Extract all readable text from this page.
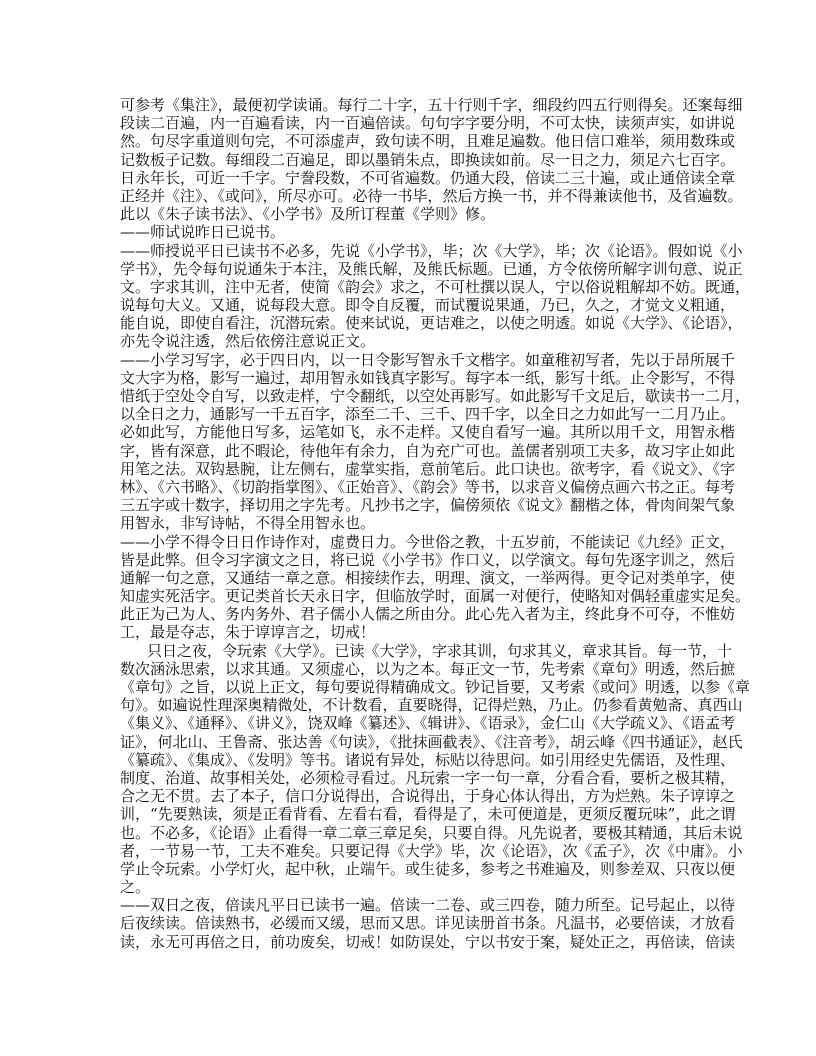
可参考《集注》，最便初学读诵。每行二十字，五十行则千字，细段约四五行则得矣。还案每细
段读二百遍，内一百遍看读，内一百遍倍读。句句字字要分明，不可太快，读须声实，如讲说
然。句尽字重道则句完，不可添虚声，致句读不明，且难足遍数。他日信口难举，须用数珠或
记数板子记数。每细段二百遍足，即以墨销朱点，即换读如前。尽一日之力，须足六七百字。
日永年长，可近一千字。宁誊段数，不可省遍数。仍通大段，倍读二三十遍，或止通倍读全章
正经并《注》、《或问》，所尽亦可。必待一书毕，然后方换一书，并不得兼读他书，及省遍数。
此以《朱子读书法》、《小学书》及所订程董《学则》修。
——师试说昨日已说书。
——师授说平日已读书不必多，先说《小学书》，毕；次《大学》，毕；次《论语》。假如说《小
学书》，先令每句说通朱于本注，及熊氏解，及熊氏标题。已通，方令依傍所解字训句意、说正
文。字求其训，注中无者，使简《韵会》求之，不可杜撰以误人，宁以俗说粗解却不妨。既通，
说每句大义。又通，说每段大意。即令自反覆，而试覆说果通，乃已，久之，才觉文义粗通，
能自说，即使自看注，沉潜玩索。使来试说，更诘难之，以使之明透。如说《大学》、《论语》，
亦先令说注透，然后依傍注意说正文。
——小学习写字，必于四日内，以一日令影写智永千文楷字。如童稚初写者，先以于昂所展千
文大字为格，影写一遍过，却用智永如钱真字影写。每字本一纸，影写十纸。止令影写，不得
惜纸于空处令自写，以致走样，宁令翻纸，以空处再影写。如此影写千文足后，歇读书一二月，
以全日之力，通影写一千五百字，添至二千、三千、四千字，以全日之力如此写一二月乃止。
必如此写，方能他日写多，运笔如飞，永不走样。又使自看写一遍。其所以用千文，用智永楷
字，皆有深意，此不暇论，待他年有余力，自为充广可也。盖儒者别项工夫多，故习字止如此
用笔之法。双钩悬腕，让左侧右，虚掌实指，意前笔后。此口诀也。欲考字，看《说文》、《字
林》、《六书略》、《切韵指掌图》、《正始音》、《韵会》等书，以求音义偏傍点画六书之正。每考
三五字或十数字，择切用之字先考。凡抄书之字，偏傍须依《说文》翻楷之体，骨肉间架气象
用智永，非写诗帖，不得全用智永也。
——小学不得令日日作诗作对，虚费日力。今世俗之教，十五岁前，不能读记《九经》正文，
皆是此弊。但令习字演文之日，将已说《小学书》作口义，以学演文。每句先逐字训之，然后
通解一句之意，又通结一章之意。相接续作去，明理、演文，一举两得。更令记对类单字，使
知虚实死活字。更记类首长天永日字，但临放学时，面属一对便行，使略知对偶轻重虚实足矣。
此正为己为人、务内务外、君子儒小人儒之所由分。此心先入者为主，终此身不可夺，不惟妨
工，最是夺志，朱于谆谆言之，切戒！
只日之夜，令玩索《大学》。已读《大学》，字求其训，句求其义，章求其旨。每一节，十
数次涵泳思索，以求其通。又须虚心，以为之本。每正文一节，先考索《章句》明透，然后摭
《章句》之旨，以说上正文，每句要说得精确成文。钞记旨要，又考索《或问》明透，以参《章
句》。如遍说性理深奥精微处，不计数看，直要晓得，记得烂熟，乃止。仍参看黄勉斋、真西山
《集义》、《通释》、《讲义》，饶双峰《纂述》、《辑讲》、《语录》，金仁山《大学疏义》、《语孟考
证》，何北山、王鲁斋、张达善《句读》，《批抹画截表》、《注音考》，胡云峰《四书通证》，赵氏
《纂疏》、《集成》、《发明》等书。诸说有异处，标贴以待思问。如引用经史先儒语，及性理、
制度、治道、故事相关处，必须检寻看过。凡玩索一字一句一章，分看合看，要析之极其精，
合之无不贯。去了本子，信口分说得出，合说得出，于身心体认得出，方为烂熟。朱子谆谆之
训，“先要熟读，须是正看背看、左看右看，看得是了，未可便道是，更须反覆玩味”，此之谓
也。不必多，《论语》止看得一章二章三章足矣，只要自得。凡先说者，要极其精通，其后未说
者，一节易一节，工夫不难矣。只要记得《大学》毕，次《论语》，次《孟子》，次《中庸》。小
学止令玩索。小学灯火，起中秋，止端午。或生徒多，参考之书难遍及，则参差双、只夜以便
之。
——双日之夜，倍读凡平日已读书一遍。倍读一二卷、或三四卷，随力所至。记号起止，以待
后夜续读。倍读熟书，必缓而又缓，思而又思。详见读册首书条。凡温书，必要倍读，才放看
读，永无可再倍之日，前功废矣，切戒！如防误处，宁以书安于案，疑处正之，再倍读，倍读
